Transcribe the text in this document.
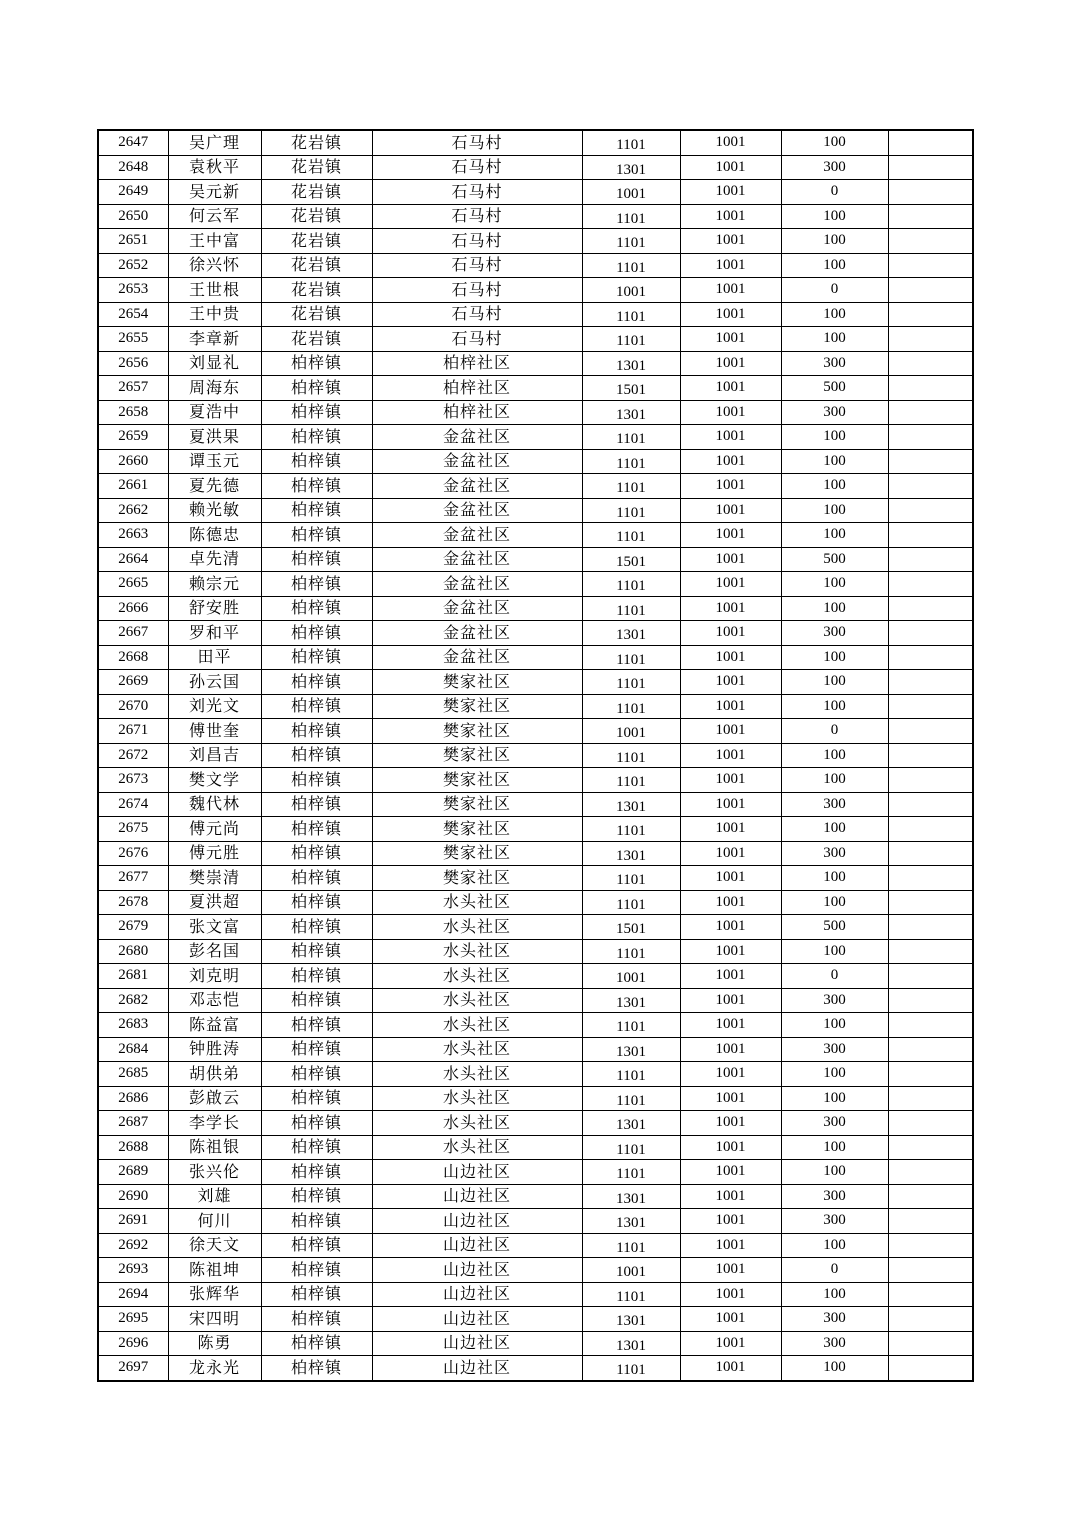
2647	吴广理	花岩镇	石马村	1101	1001	100	
2648	袁秋平	花岩镇	石马村	1301	1001	300	
2649	吴元新	花岩镇	石马村	1001	1001	0	
2650	何云军	花岩镇	石马村	1101	1001	100	
2651	王中富	花岩镇	石马村	1101	1001	100	
2652	徐兴怀	花岩镇	石马村	1101	1001	100	
2653	王世根	花岩镇	石马村	1001	1001	0	
2654	王中贵	花岩镇	石马村	1101	1001	100	
2655	李章新	花岩镇	石马村	1101	1001	100	
2656	刘显礼	柏梓镇	柏梓社区	1301	1001	300	
2657	周海东	柏梓镇	柏梓社区	1501	1001	500	
2658	夏浩中	柏梓镇	柏梓社区	1301	1001	300	
2659	夏洪果	柏梓镇	金盆社区	1101	1001	100	
2660	谭玉元	柏梓镇	金盆社区	1101	1001	100	
2661	夏先德	柏梓镇	金盆社区	1101	1001	100	
2662	赖光敏	柏梓镇	金盆社区	1101	1001	100	
2663	陈德忠	柏梓镇	金盆社区	1101	1001	100	
2664	卓先清	柏梓镇	金盆社区	1501	1001	500	
2665	赖宗元	柏梓镇	金盆社区	1101	1001	100	
2666	舒安胜	柏梓镇	金盆社区	1101	1001	100	
2667	罗和平	柏梓镇	金盆社区	1301	1001	300	
2668	田平	柏梓镇	金盆社区	1101	1001	100	
2669	孙云国	柏梓镇	樊家社区	1101	1001	100	
2670	刘光文	柏梓镇	樊家社区	1101	1001	100	
2671	傅世奎	柏梓镇	樊家社区	1001	1001	0	
2672	刘昌吉	柏梓镇	樊家社区	1101	1001	100	
2673	樊文学	柏梓镇	樊家社区	1101	1001	100	
2674	魏代林	柏梓镇	樊家社区	1301	1001	300	
2675	傅元尚	柏梓镇	樊家社区	1101	1001	100	
2676	傅元胜	柏梓镇	樊家社区	1301	1001	300	
2677	樊崇清	柏梓镇	樊家社区	1101	1001	100	
2678	夏洪超	柏梓镇	水头社区	1101	1001	100	
2679	张文富	柏梓镇	水头社区	1501	1001	500	
2680	彭名国	柏梓镇	水头社区	1101	1001	100	
2681	刘克明	柏梓镇	水头社区	1001	1001	0	
2682	邓志恺	柏梓镇	水头社区	1301	1001	300	
2683	陈益富	柏梓镇	水头社区	1101	1001	100	
2684	钟胜涛	柏梓镇	水头社区	1301	1001	300	
2685	胡供弟	柏梓镇	水头社区	1101	1001	100	
2686	彭啟云	柏梓镇	水头社区	1101	1001	100	
2687	李学长	柏梓镇	水头社区	1301	1001	300	
2688	陈祖银	柏梓镇	水头社区	1101	1001	100	
2689	张兴伦	柏梓镇	山边社区	1101	1001	100	
2690	刘雄	柏梓镇	山边社区	1301	1001	300	
2691	何川	柏梓镇	山边社区	1301	1001	300	
2692	徐天文	柏梓镇	山边社区	1101	1001	100	
2693	陈祖坤	柏梓镇	山边社区	1001	1001	0	
2694	张辉华	柏梓镇	山边社区	1101	1001	100	
2695	宋四明	柏梓镇	山边社区	1301	1001	300	
2696	陈勇	柏梓镇	山边社区	1301	1001	300	
2697	龙永光	柏梓镇	山边社区	1101	1001	100	
